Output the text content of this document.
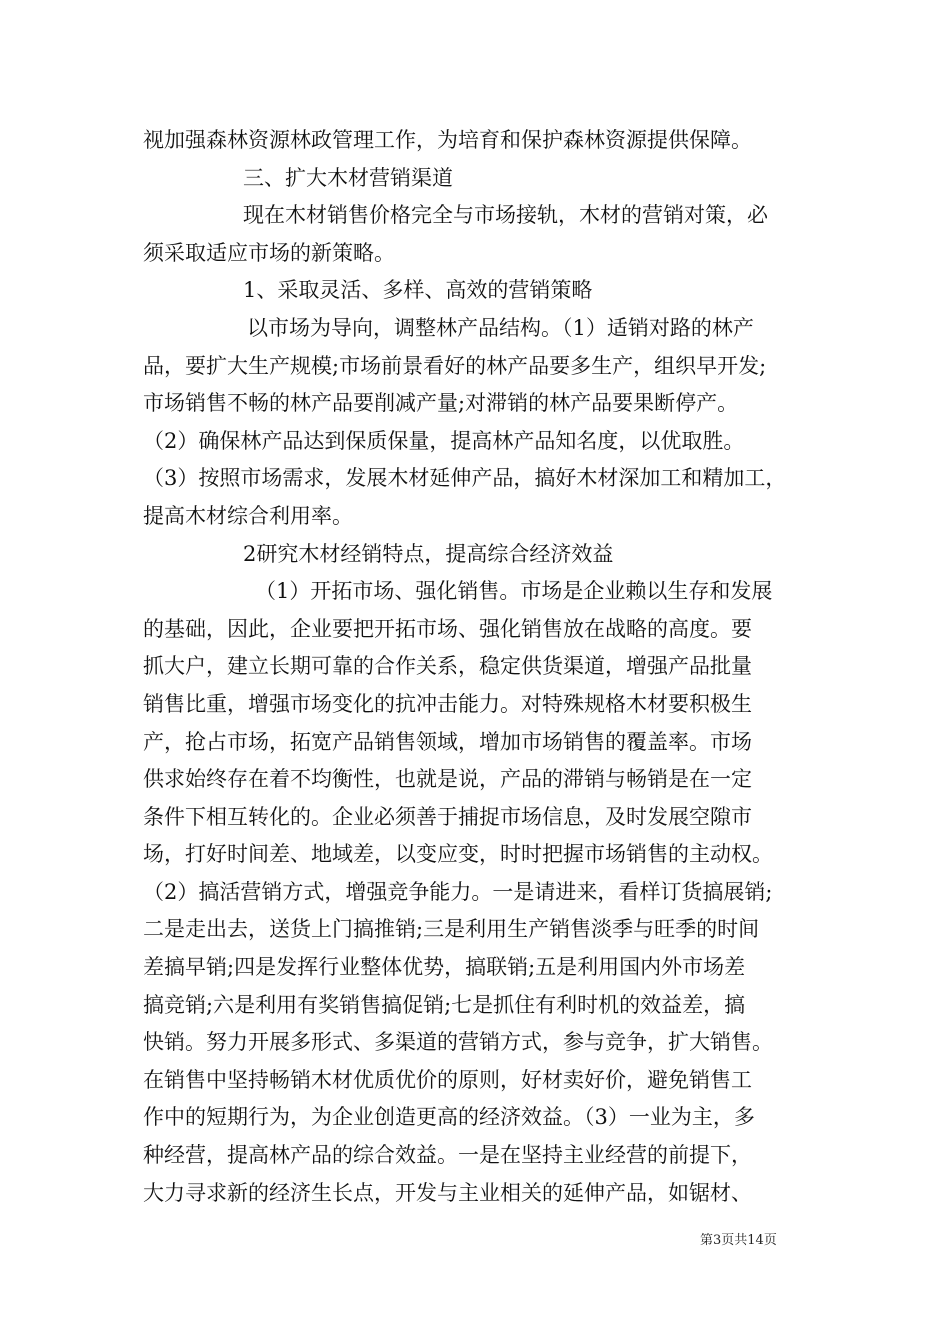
视加强森林资源林政管理工作，为培育和保护森林资源提供保障。
三、扩大木材营销渠道
现在木材销售价格完全与市场接轨，木材的营销对策，必
须采取适应市场的新策略。
1、采取灵活、多样、高效的营销策略
以市场为导向，调整林产品结构。（1）适销对路的林产
品，要扩大生产规模;市场前景看好的林产品要多生产，组织早开发;
市场销售不畅的林产品要削减产量;对滞销的林产品要果断停产。
（2）确保林产品达到保质保量，提高林产品知名度，以优取胜。
（3）按照市场需求，发展木材延伸产品，搞好木材深加工和精加工，
提高木材综合利用率。
2研究木材经销特点，提高综合经济效益
（1）开拓市场、强化销售。市场是企业赖以生存和发展
的基础，因此，企业要把开拓市场、强化销售放在战略的高度。要
抓大户，建立长期可靠的合作关系，稳定供货渠道，增强产品批量
销售比重，增强市场变化的抗冲击能力。对特殊规格木材要积极生
产，抢占市场，拓宽产品销售领域，增加市场销售的覆盖率。市场
供求始终存在着不均衡性，也就是说，产品的滞销与畅销是在一定
条件下相互转化的。企业必须善于捕捉市场信息，及时发展空隙市
场，打好时间差、地域差，以变应变，时时把握市场销售的主动权。
（2）搞活营销方式，增强竞争能力。一是请进来，看样订货搞展销;
二是走出去，送货上门搞推销;三是利用生产销售淡季与旺季的时间
差搞早销;四是发挥行业整体优势，搞联销;五是利用国内外市场差
搞竞销;六是利用有奖销售搞促销;七是抓住有利时机的效益差，搞
快销。努力开展多形式、多渠道的营销方式，参与竞争，扩大销售。
在销售中坚持畅销木材优质优价的原则，好材卖好价，避免销售工
作中的短期行为，为企业创造更高的经济效益。（3）一业为主，多
种经营，提高林产品的综合效益。一是在坚持主业经营的前提下，
大力寻求新的经济生长点，开发与主业相关的延伸产品，如锯材、
第3页共14页
